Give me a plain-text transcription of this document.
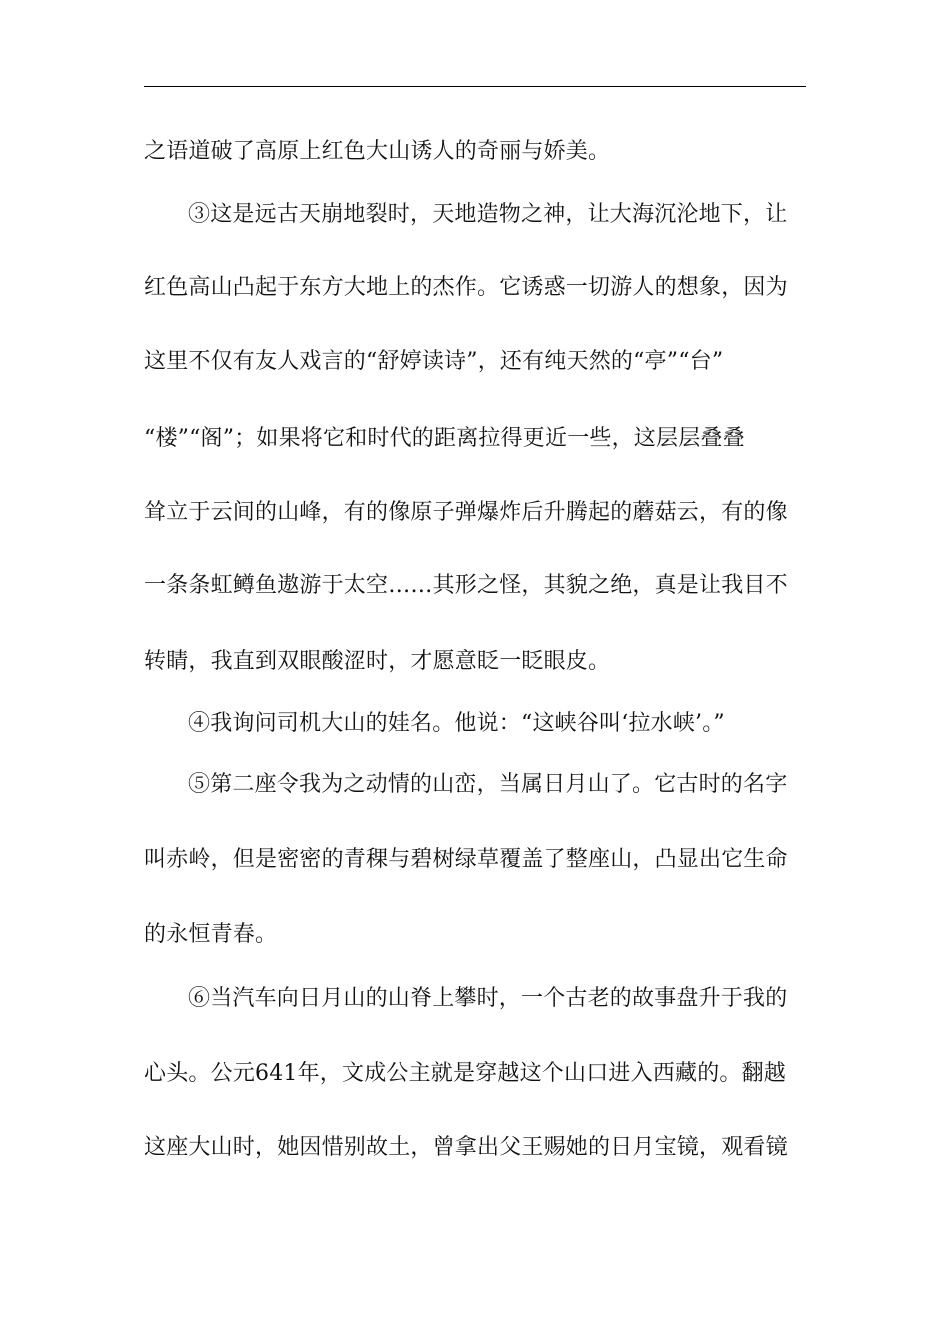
之语道破了高原上红色大山诱人的奇丽与娇美。
③这是远古天崩地裂时，天地造物之神，让大海沉沦地下，让
红色高山凸起于东方大地上的杰作。它诱惑一切游人的想象，因为
这里不仅有友人戏言的“舒婷读诗”，还有纯天然的“亭”“台”
“楼”“阁”；如果将它和时代的距离拉得更近一些，这层层叠叠
耸立于云间的山峰，有的像原子弹爆炸后升腾起的蘑菇云，有的像
一条条虹鳟鱼遨游于太空……其形之怪，其貌之绝，真是让我目不
转睛，我直到双眼酸涩时，才愿意眨一眨眼皮。
④我询问司机大山的娃名。他说：“这峡谷叫‘拉水峡’。”
⑤第二座令我为之动情的山峦，当属日月山了。它古时的名字
叫赤岭，但是密密的青稞与碧树绿草覆盖了整座山，凸显出它生命
的永恒青春。
⑥当汽车向日月山的山脊上攀时，一个古老的故事盘升于我的
心头。公元641年，文成公主就是穿越这个山口进入西藏的。翻越
这座大山时，她因惜别故土，曾拿出父王赐她的日月宝镜，观看镜
